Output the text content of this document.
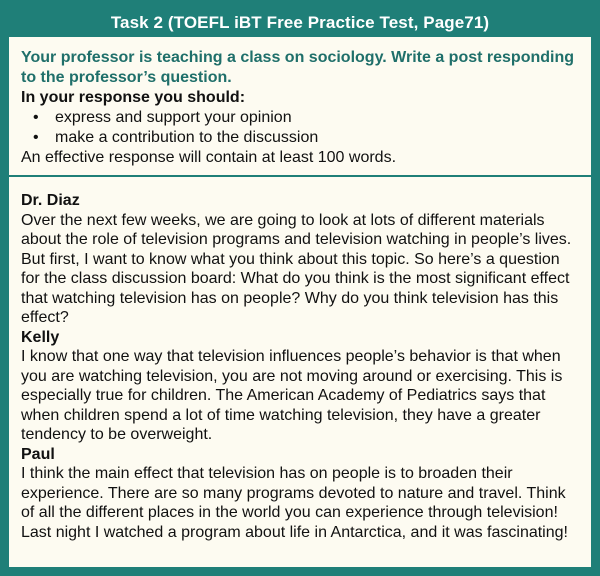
Task 2 (TOEFL iBT Free Practice Test, Page71)
Your professor is teaching a class on sociology. Write a post responding to the professor’s question.
In your response you should:
• express and support your opinion
• make a contribution to the discussion
An effective response will contain at least 100 words.
Dr. Diaz

Over the next few weeks, we are going to look at lots of different materials about the role of television programs and television watching in people’s lives. But first, I want to know what you think about this topic. So here’s a question for the class discussion board: What do you think is the most significant effect that watching television has on people? Why do you think television has this effect?

Kelly

I know that one way that television influences people’s behavior is that when you are watching television, you are not moving around or exercising. This is especially true for children. The American Academy of Pediatrics says that when children spend a lot of time watching television, they have a greater tendency to be overweight.

Paul

I think the main effect that television has on people is to broaden their experience. There are so many programs devoted to nature and travel. Think of all the different places in the world you can experience through television! Last night I watched a program about life in Antarctica, and it was fascinating!
